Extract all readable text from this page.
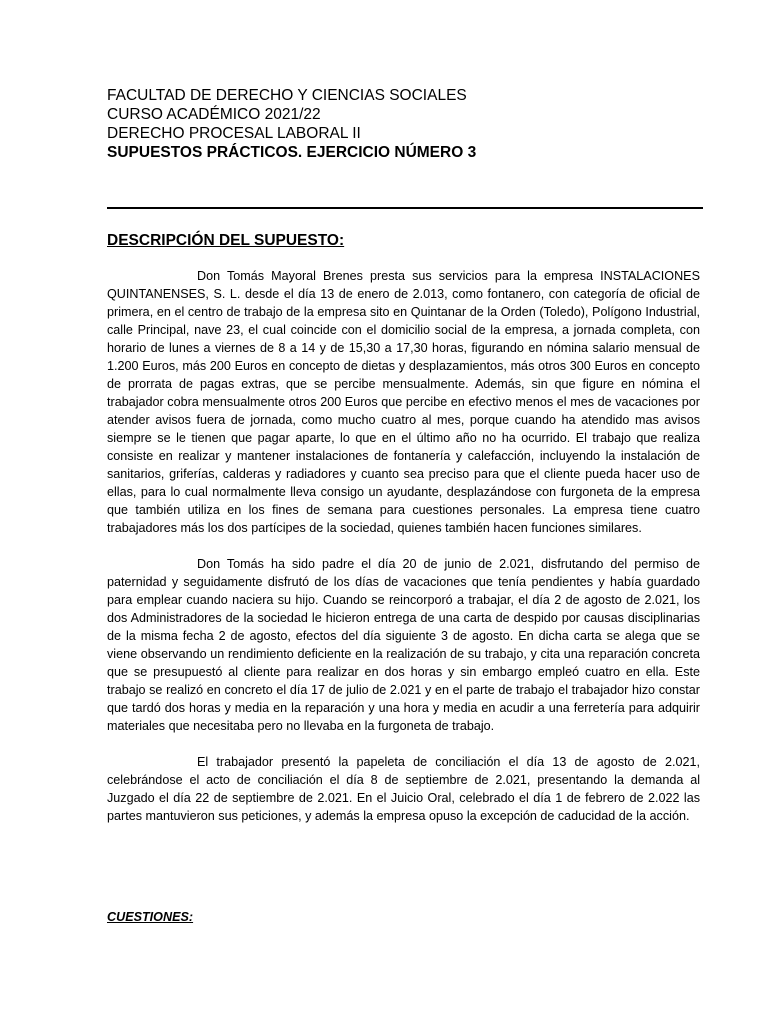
FACULTAD DE DERECHO Y CIENCIAS SOCIALES

CURSO ACADÉMICO 2021/22

DERECHO PROCESAL LABORAL II

SUPUESTOS PRÁCTICOS. EJERCICIO NÚMERO 3

DESCRIPCIÓN DEL SUPUESTO:

Don Tomás Mayoral Brenes presta sus servicios para la empresa INSTALACIONES QUINTANENSES, S. L. desde el día 13 de enero de 2.013, como fontanero, con categoría de oficial de primera, en el centro de trabajo de la empresa sito en Quintanar de la Orden (Toledo), Polígono Industrial, calle Principal, nave 23, el cual coincide con el domicilio social de la empresa, a jornada completa, con horario de lunes a viernes de 8 a 14 y de 15,30 a 17,30 horas, figurando en nómina salario mensual de 1.200 Euros, más 200 Euros en concepto de dietas y desplazamientos, más otros 300 Euros en concepto de prorrata de pagas extras, que se percibe mensualmente. Además, sin que figure en nómina el trabajador cobra mensualmente otros 200 Euros que percibe en efectivo menos el mes de vacaciones por atender avisos fuera de jornada, como mucho cuatro al mes, porque cuando ha atendido mas avisos siempre se le tienen que pagar aparte, lo que en el último año no ha ocurrido. El trabajo que realiza consiste en realizar y mantener instalaciones de fontanería y calefacción, incluyendo la instalación de sanitarios, griferías, calderas y radiadores y cuanto sea preciso para que el cliente pueda hacer uso de ellas, para lo cual normalmente lleva consigo un ayudante, desplazándose con furgoneta de la empresa que también utiliza en los fines de semana para cuestiones personales. La empresa tiene cuatro trabajadores más los dos partícipes de la sociedad, quienes también hacen funciones similares.

Don Tomás ha sido padre el día 20 de junio de 2.021, disfrutando del permiso de paternidad y seguidamente disfrutó de los días de vacaciones que tenía pendientes y había guardado para emplear cuando naciera su hijo. Cuando se reincorporó a trabajar, el día 2 de agosto de 2.021, los dos Administradores de la sociedad le hicieron entrega de una carta de despido por causas disciplinarias de la misma fecha 2 de agosto, efectos del día siguiente 3 de agosto. En dicha carta se alega que se viene observando un rendimiento deficiente en la realización de su trabajo, y cita una reparación concreta que se presupuestó al cliente para realizar en dos horas y sin embargo empleó cuatro en ella. Este trabajo se realizó en concreto el día 17 de julio de 2.021 y en el parte de trabajo el trabajador hizo constar que tardó dos horas y media en la reparación y una hora y media en acudir a una ferretería para adquirir materiales que necesitaba pero no llevaba en la furgoneta de trabajo.

El trabajador presentó la papeleta de conciliación el día 13 de agosto de 2.021, celebrándose el acto de conciliación el día 8 de septiembre de 2.021, presentando la demanda al Juzgado el día 22 de septiembre de 2.021. En el Juicio Oral, celebrado el día 1 de febrero de 2.022 las partes mantuvieron sus peticiones, y además la empresa opuso la excepción de caducidad de la acción.

CUESTIONES:
